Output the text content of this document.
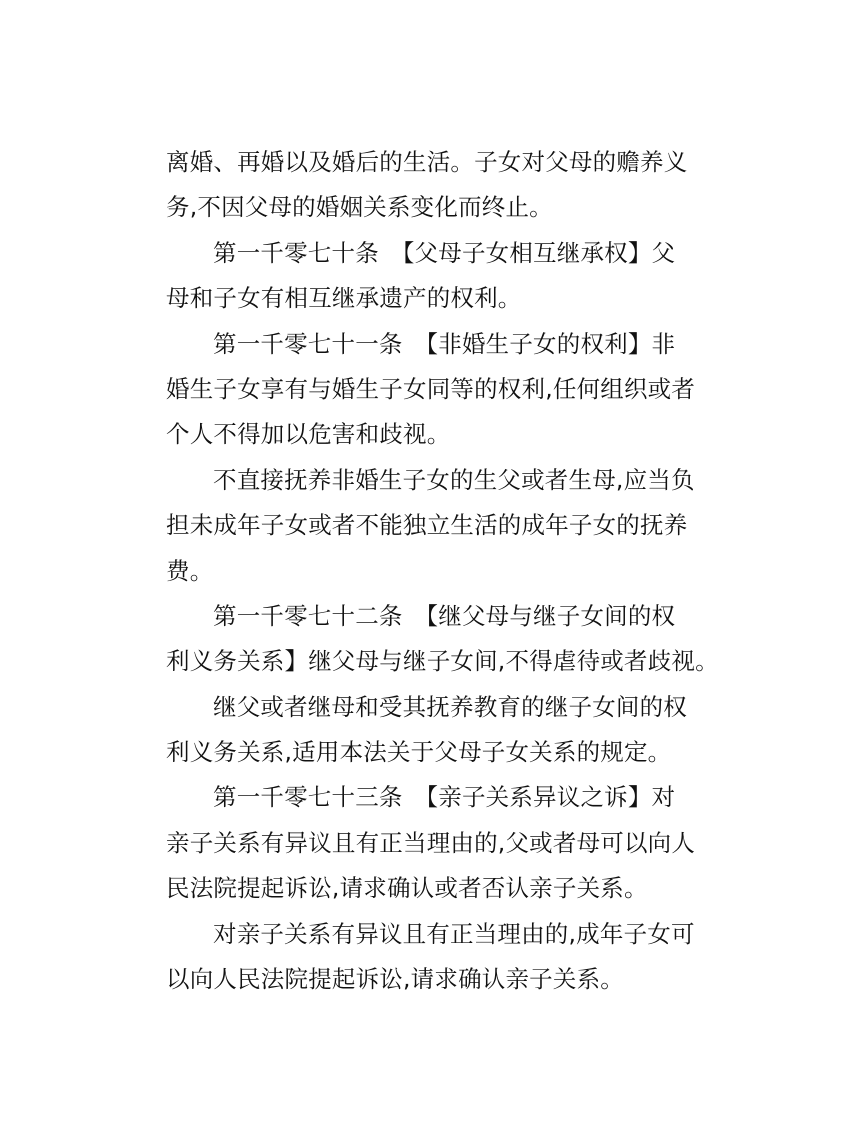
离婚、再婚以及婚后的生活。子女对父母的赡养义
务,不因父母的婚姻关系变化而终止。
第一千零七十条　【父母子女相互继承权】父
母和子女有相互继承遗产的权利。
第一千零七十一条　【非婚生子女的权利】非
婚生子女享有与婚生子女同等的权利,任何组织或者
个人不得加以危害和歧视。
不直接抚养非婚生子女的生父或者生母,应当负
担未成年子女或者不能独立生活的成年子女的抚养
费。
第一千零七十二条　【继父母与继子女间的权
利义务关系】继父母与继子女间,不得虐待或者歧视。
继父或者继母和受其抚养教育的继子女间的权
利义务关系,适用本法关于父母子女关系的规定。
第一千零七十三条　【亲子关系异议之诉】对
亲子关系有异议且有正当理由的,父或者母可以向人
民法院提起诉讼,请求确认或者否认亲子关系。
对亲子关系有异议且有正当理由的,成年子女可
以向人民法院提起诉讼,请求确认亲子关系。
